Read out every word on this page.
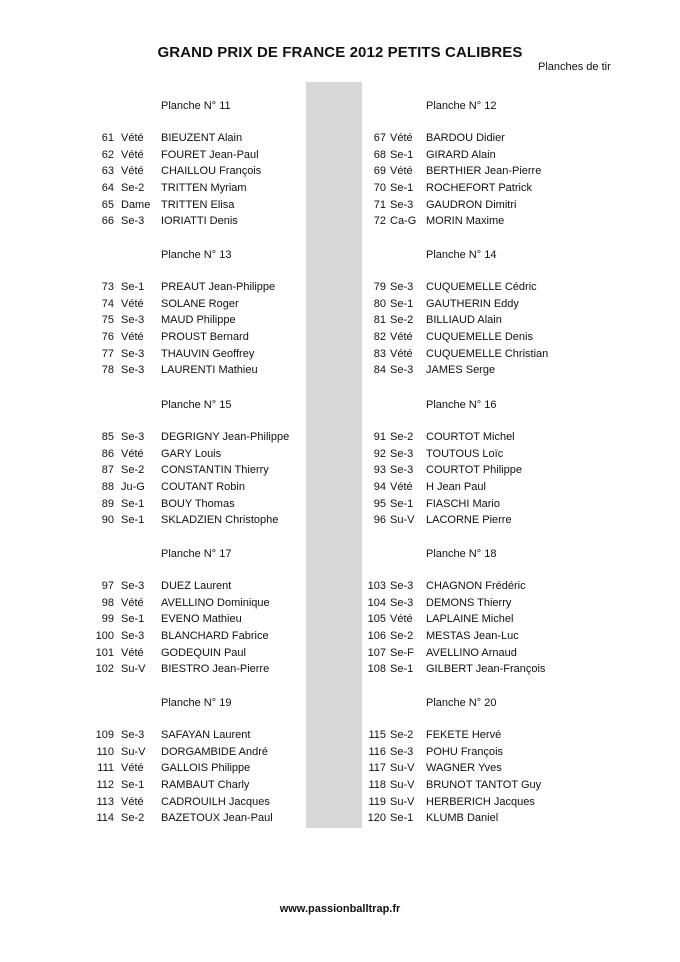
GRAND PRIX DE FRANCE 2012 PETITS CALIBRES
Planches de tir
Planche N° 11
61 Vété BIEUZENT Alain
62 Vété FOURET Jean-Paul
63 Vété CHAILLOU François
64 Se-2 TRITTEN Myriam
65 Dame TRITTEN Elisa
66 Se-3 IORIATTI Denis
Planche N° 12
67 Vété BARDOU Didier
68 Se-1 GIRARD Alain
69 Vété BERTHIER Jean-Pierre
70 Se-1 ROCHEFORT Patrick
71 Se-3 GAUDRON Dimitri
72 Ca-G MORIN Maxime
Planche N° 13
73 Se-1 PREAUT Jean-Philippe
74 Vété SOLANE Roger
75 Se-3 MAUD Philippe
76 Vété PROUST Bernard
77 Se-3 THAUVIN Geoffrey
78 Se-3 LAURENTI Mathieu
Planche N° 14
79 Se-3 CUQUEMELLE Cédric
80 Se-1 GAUTHERIN Eddy
81 Se-2 BILLIAUD Alain
82 Vété CUQUEMELLE Denis
83 Vété CUQUEMELLE Christian
84 Se-3 JAMES Serge
Planche N° 15
85 Se-3 DEGRIGNY Jean-Philippe
86 Vété GARY Louis
87 Se-2 CONSTANTIN Thierry
88 Ju-G COUTANT Robin
89 Se-1 BOUY Thomas
90 Se-1 SKLADZIEN Christophe
Planche N° 16
91 Se-2 COURTOT Michel
92 Se-3 TOUTOUS Loïc
93 Se-3 COURTOT Philippe
94 Vété H Jean Paul
95 Se-1 FIASCHI Mario
96 Su-V LACORNE Pierre
Planche N° 17
97 Se-3 DUEZ Laurent
98 Vété AVELLINO Dominique
99 Se-1 EVENO Mathieu
100 Se-3 BLANCHARD Fabrice
101 Vété GODEQUIN Paul
102 Su-V BIESTRO Jean-Pierre
Planche N° 18
103 Se-3 CHAGNON Frédéric
104 Se-3 DEMONS Thierry
105 Vété LAPLAINE Michel
106 Se-2 MESTAS Jean-Luc
107 Se-F AVELLINO Arnaud
108 Se-1 GILBERT Jean-François
Planche N° 19
109 Se-3 SAFAYAN Laurent
110 Su-V DORGAMBIDE André
111 Vété GALLOIS Philippe
112 Se-1 RAMBAUT Charly
113 Vété CADROUILH Jacques
114 Se-2 BAZETOUX Jean-Paul
Planche N° 20
115 Se-2 FEKETE Hervé
116 Se-3 POHU François
117 Su-V WAGNER Yves
118 Su-V BRUNOT TANTOT Guy
119 Su-V HERBERICH Jacques
120 Se-1 KLUMB Daniel
www.passionballtrap.fr
